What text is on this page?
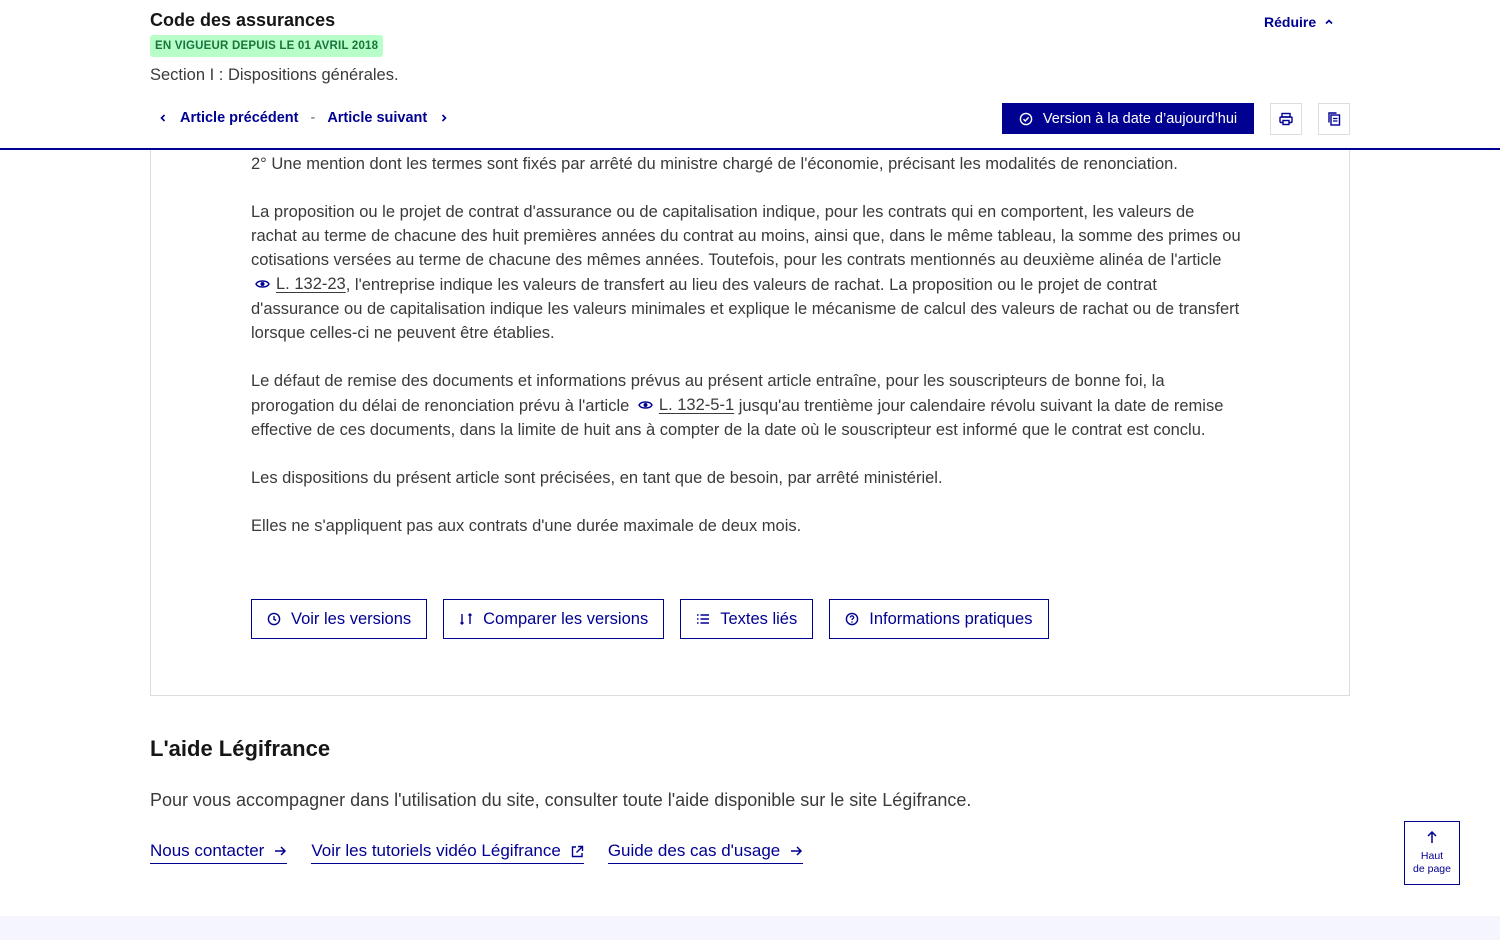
Code des assurances
EN VIGUEUR DEPUIS LE 01 AVRIL 2018
Section I : Dispositions générales.
Réduire
Article précédent - Article suivant	Version à la date d’aujourd’hui

2° Une mention dont les termes sont fixés par arrêté du ministre chargé de l'économie, précisant les modalités de renonciation.

La proposition ou le projet de contrat d'assurance ou de capitalisation indique, pour les contrats qui en comportent, les valeurs de rachat au terme de chacune des huit premières années du contrat au moins, ainsi que, dans le même tableau, la somme des primes ou cotisations versées au terme de chacune des mêmes années. Toutefois, pour les contrats mentionnés au deuxième alinéa de l'article
L. 132-23 , l'entreprise indique les valeurs de transfert au lieu des valeurs de rachat. La proposition ou le projet de contrat d'assurance ou de capitalisation indique les valeurs minimales et explique le mécanisme de calcul des valeurs de rachat ou de transfert lorsque celles-ci ne peuvent être établies.

Le défaut de remise des documents et informations prévus au présent article entraîne, pour les souscripteurs de bonne foi, la prorogation du délai de renonciation prévu à l'article L. 132-5-1 jusqu'au trentième jour calendaire révolu suivant la date de remise effective de ces documents, dans la limite de huit ans à compter de la date où le souscripteur est informé que le contrat est conclu.

Les dispositions du présent article sont précisées, en tant que de besoin, par arrêté ministériel.

Elles ne s'appliquent pas aux contrats d'une durée maximale de deux mois.

Voir les versions	Comparer les versions	Textes liés	Informations pratiques
L'aide Légifrance
Pour vous accompagner dans l'utilisation du site, consulter toute l'aide disponible sur le site Légifrance.
Nous contacter	Voir les tutoriels vidéo Légifrance	Guide des cas d'usage	Haut
de page
